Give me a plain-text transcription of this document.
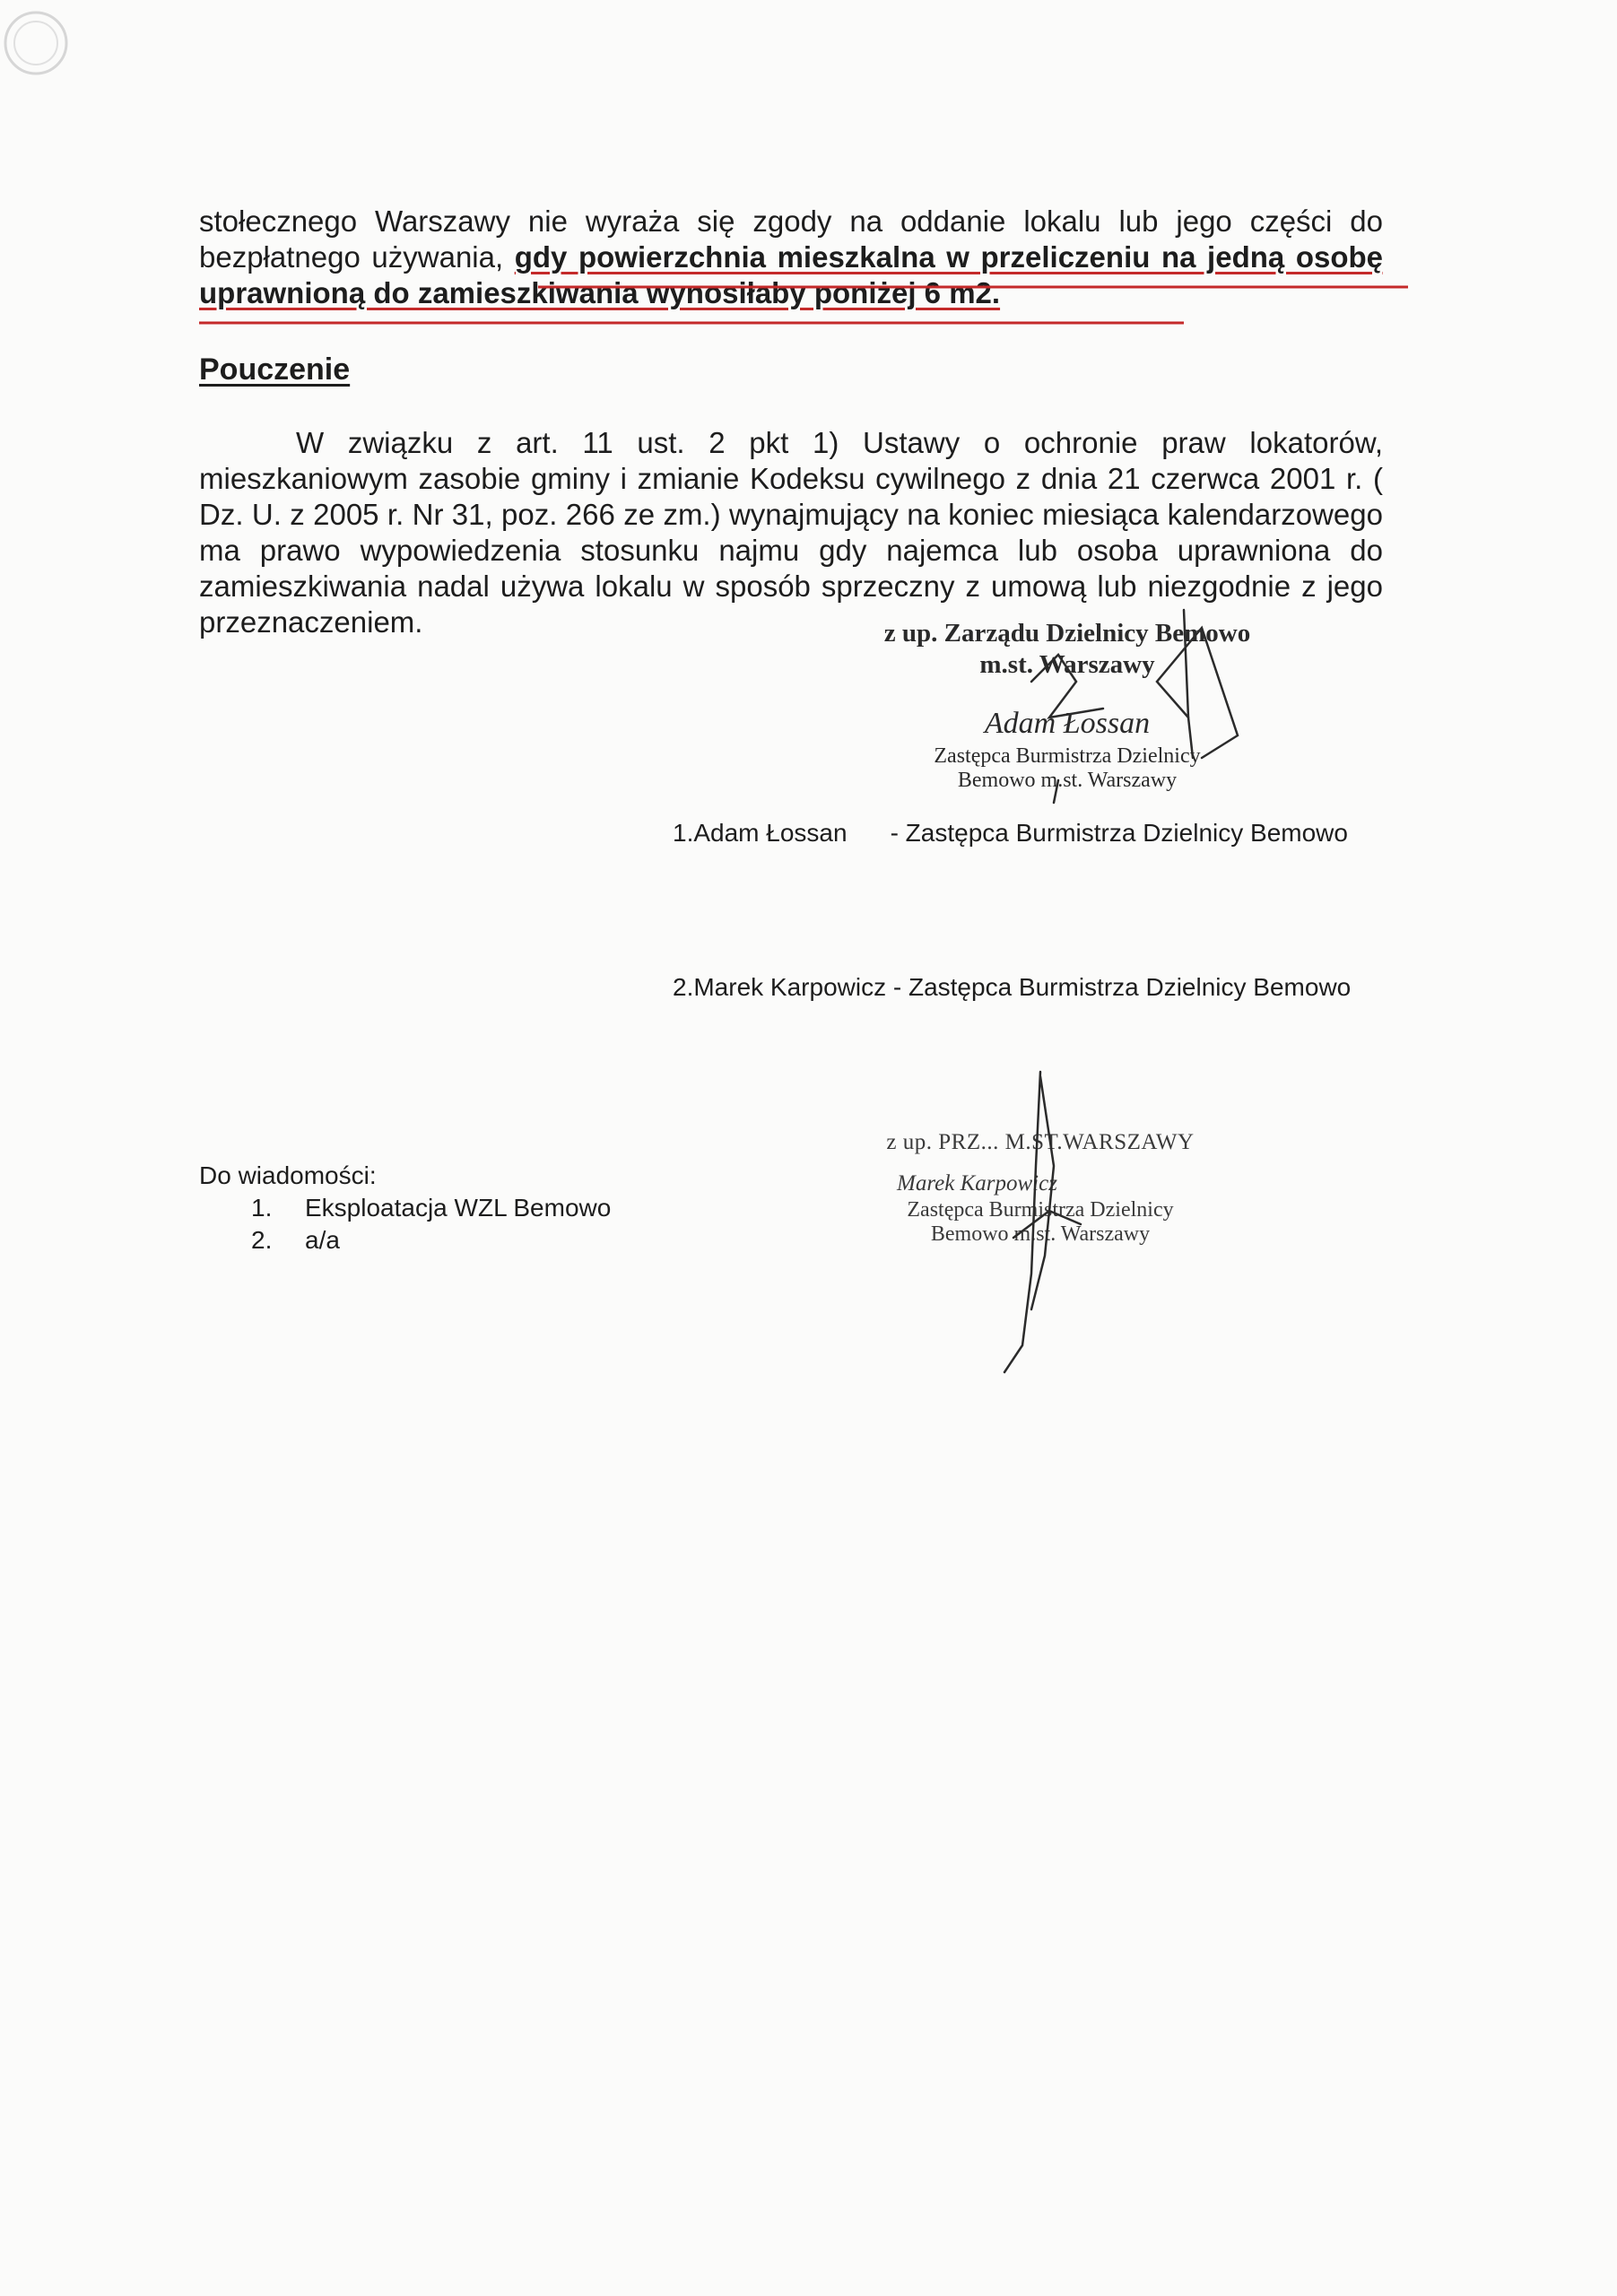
stołecznego Warszawy nie wyraża się zgody na oddanie lokalu lub jego części do bezpłatnego używania, gdy powierzchnia mieszkalna w przeliczeniu na jedną osobę uprawnioną do zamieszkiwania wynosiłaby poniżej 6 m2.
Pouczenie
W związku z art. 11 ust. 2 pkt 1) Ustawy o ochronie praw lokatorów, mieszkaniowym zasobie gminy i zmianie Kodeksu cywilnego z dnia 21 czerwca 2001 r. ( Dz. U. z 2005 r. Nr 31, poz. 266 ze zm.) wynajmujący na koniec miesiąca kalendarzowego ma prawo wypowiedzenia stosunku najmu gdy najemca lub osoba uprawniona do zamieszkiwania nadal używa lokalu w sposób sprzeczny z umową lub niezgodnie z jego przeznaczeniem.	z up. Zarządu Dzielnicy Bemowo
m.st. Warszawy
Adam Łossan
Zastępca Burmistrza Dzielnicy
Bemowo m.st. Warszawy
1.Adam Łossan - Zastępca Burmistrza Dzielnicy Bemowo
2.Marek Karpowicz - Zastępca Burmistrza Dzielnicy Bemowo
z up. PRZ... M.ST.WARSZAWY
Marek Karpowicz
Zastępca Burmistrza Dzielnicy
Bemowo m.st. Warszawy
Do wiadomości:
1.	Eksploatacja WZL Bemowo
2.	a/a
